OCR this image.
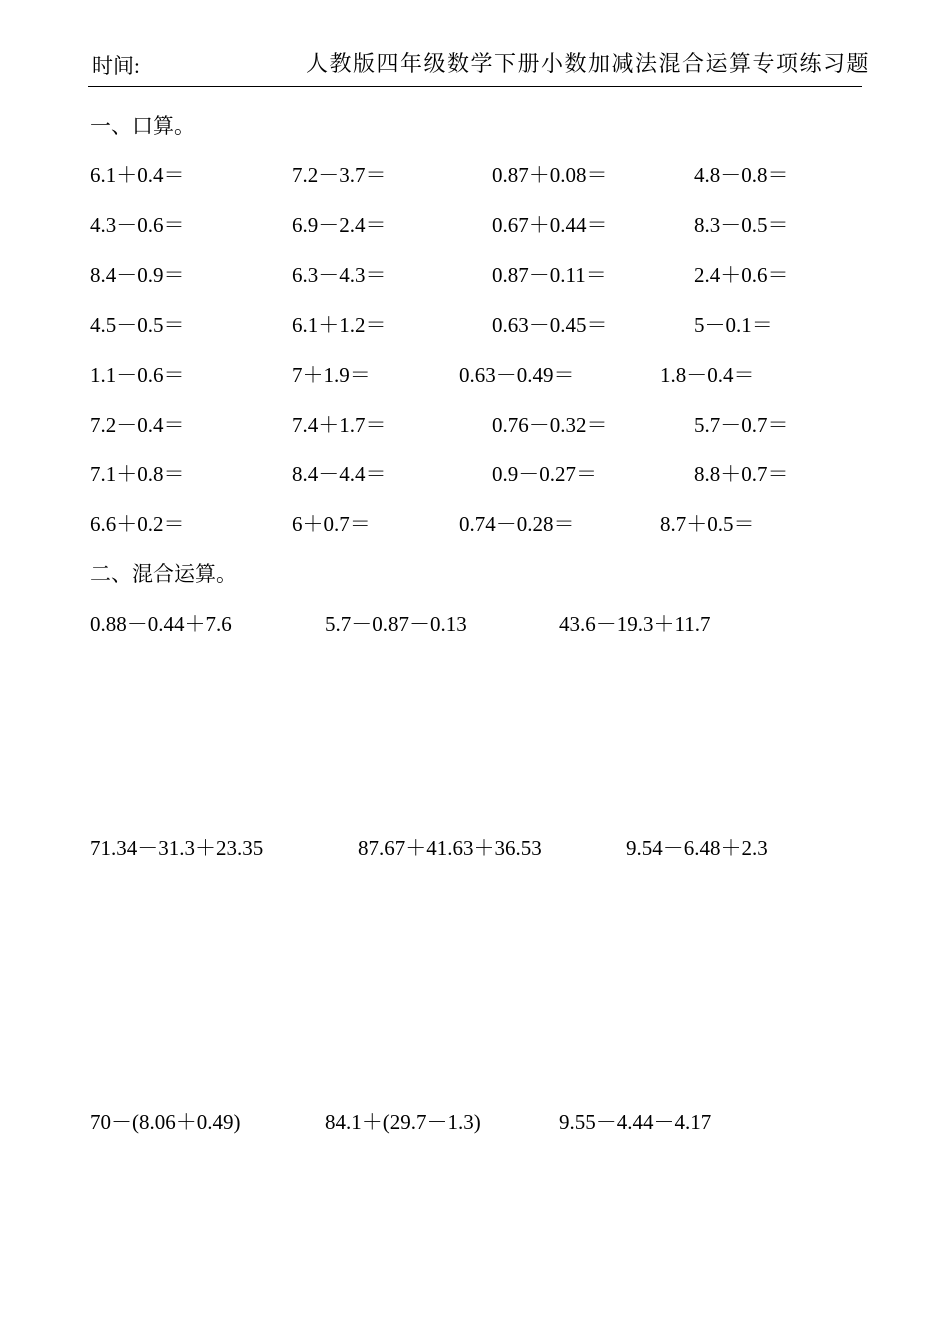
时间:	人教版四年级数学下册小数加减法混合运算专项练习题
一、口算。
6.1＋0.4＝	7.2－3.7＝	0.87＋0.08＝	4.8－0.8＝
4.3－0.6＝	6.9－2.4＝	0.67＋0.44＝	8.3－0.5＝
8.4－0.9＝	6.3－4.3＝	0.87－0.11＝	2.4＋0.6＝
4.5－0.5＝	6.1＋1.2＝	0.63－0.45＝	5－0.1＝
1.1－0.6＝	7＋1.9＝	0.63－0.49＝	1.8－0.4＝
7.2－0.4＝	7.4＋1.7＝	0.76－0.32＝	5.7－0.7＝
7.1＋0.8＝	8.4－4.4＝	0.9－0.27＝	8.8＋0.7＝
6.6＋0.2＝	6＋0.7＝	0.74－0.28＝	8.7＋0.5＝
二、混合运算。
0.88－0.44＋7.6	5.7－0.87－0.13	43.6－19.3＋11.7
71.34－31.3＋23.35	87.67＋41.63＋36.53	9.54－6.48＋2.3
70－(8.06＋0.49)	84.1＋(29.7－1.3)	9.55－4.44－4.17
